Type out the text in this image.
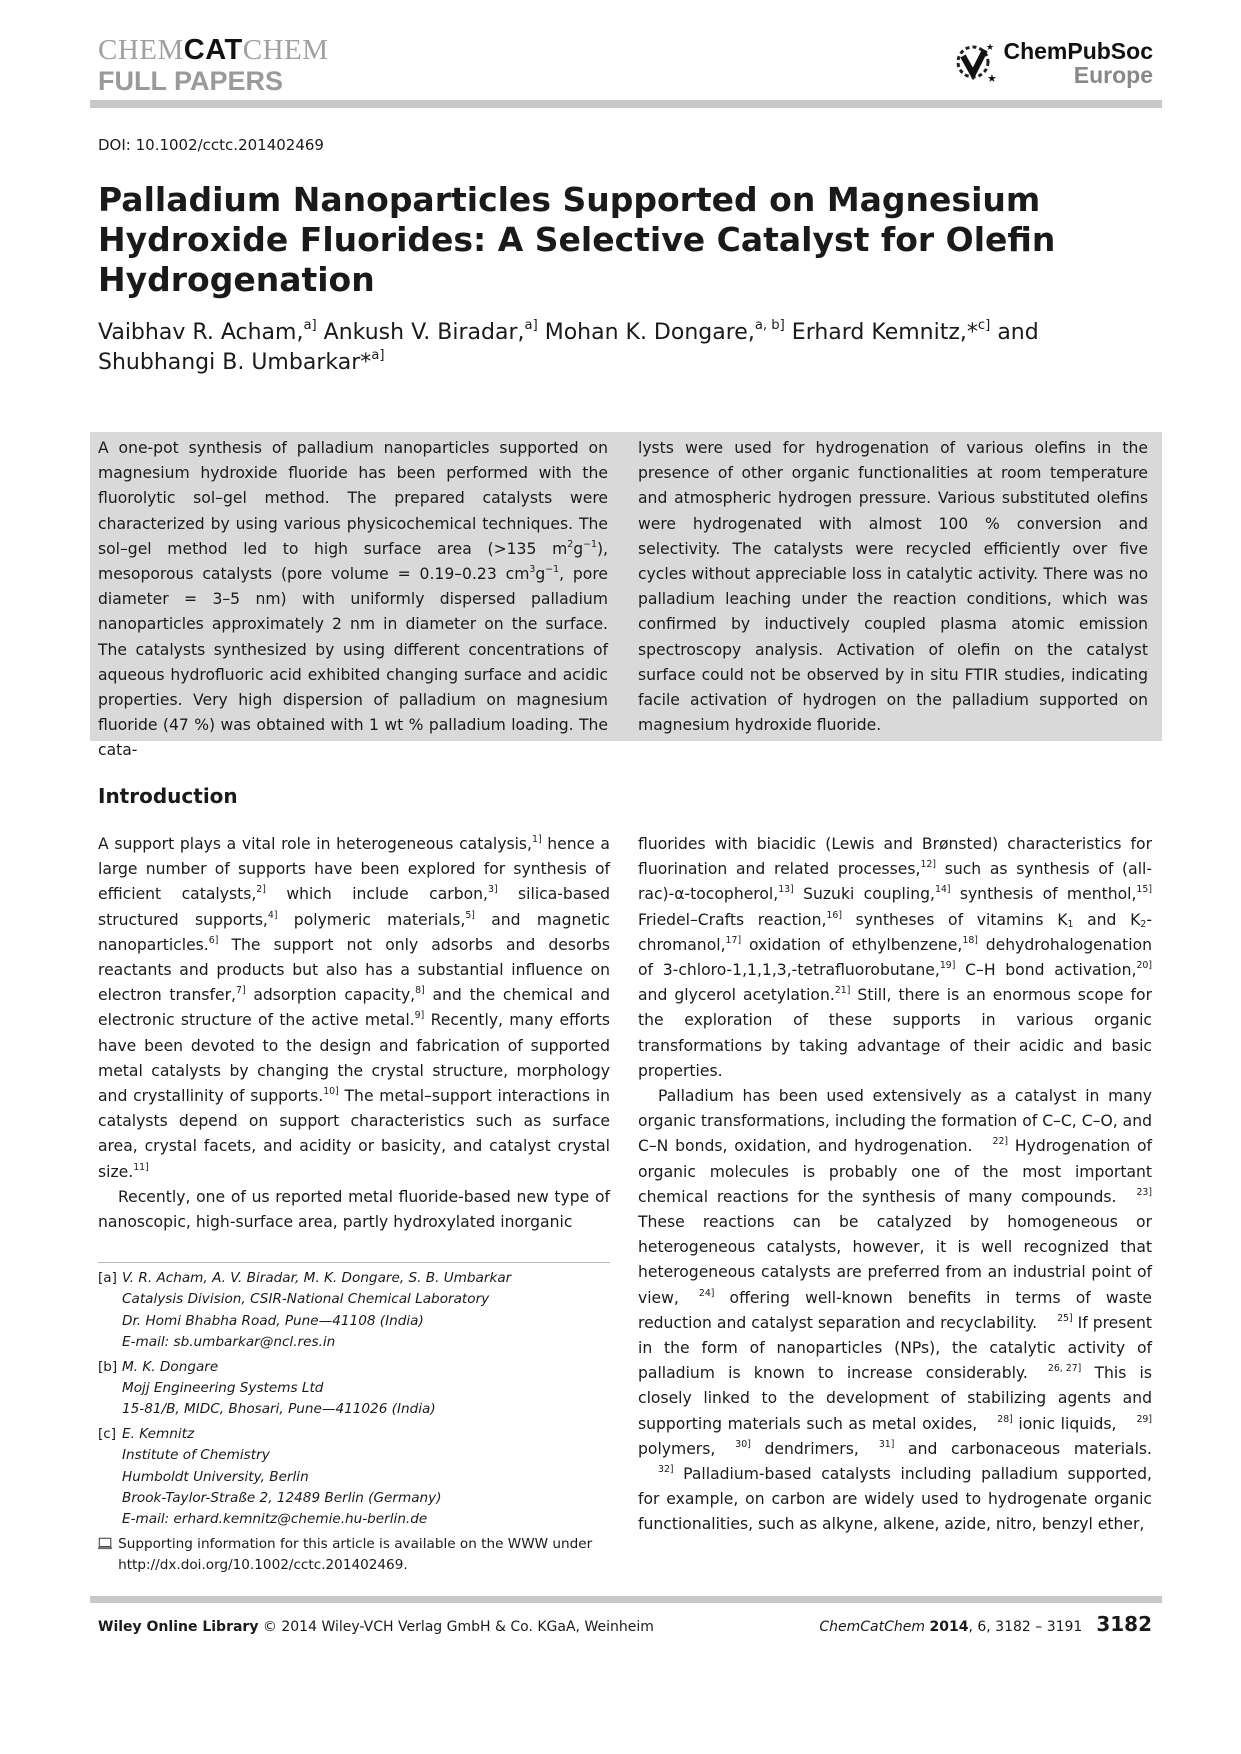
CHEMCATCHEM
FULL PAPERS	★
★ ChemPubSoc
Europe
DOI: 10.1002/cctc.201402469
Palladium Nanoparticles Supported on Magnesium Hydroxide Fluorides: A Selective Catalyst for Olefin Hydrogenation
Vaibhav R. Acham,$^{\^{}[a]}$ Ankush V. Biradar,$^{\^{}[a]}$ Mohan K. Dongare,$^{\^{}[a, b]}$ Erhard Kemnitz,*$^{\^{}[c]}$ and Shubhangi B. Umbarkar*$^{\^{}[a]}$
A one-pot synthesis of palladium nanoparticles supported on magnesium hydroxide fluoride has been performed with the fluorolytic sol–gel method. The prepared catalysts were characterized by using various physicochemical techniques. The sol–gel method led to high surface area (>135 $m^{\^{}2}g^{\^{}-1}$), mesoporous catalysts (pore volume = 0.19–0.23 $cm^{\^{}3}g^{\^{}-1}$, pore diameter = 3–5 nm) with uniformly dispersed palladium nanoparticles approximately 2 nm in diameter on the surface. The catalysts synthesized by using different concentrations of aqueous hydrofluoric acid exhibited changing surface and acidic properties. Very high dispersion of palladium on magnesium fluoride (47 %) was obtained with 1 wt % palladium loading. The cata-
lysts were used for hydrogenation of various olefins in the presence of other organic functionalities at room temperature and atmospheric hydrogen pressure. Various substituted olefins were hydrogenated with almost 100 % conversion and selectivity. The catalysts were recycled efficiently over five cycles without appreciable loss in catalytic activity. There was no palladium leaching under the reaction conditions, which was confirmed by inductively coupled plasma atomic emission spectroscopy analysis. Activation of olefin on the catalyst surface could not be observed by in situ FTIR studies, indicating facile activation of hydrogen on the palladium supported on magnesium hydroxide fluoride.
Introduction

A support plays a vital role in heterogeneous catalysis,$^{\^{}[1]}$ hence a large number of supports have been explored for synthesis of efficient catalysts,$^{\^{}[2]}$ which include carbon,$^{\^{}[3]}$ silica-based structured supports,$^{\^{}[4]}$ polymeric materials,$^{\^{}[5]}$ and magnetic nanoparticles.$^{\^{}[6]}$ The support not only adsorbs and desorbs reactants and products but also has a substantial influence on electron transfer,$^{\^{}[7]}$ adsorption capacity,$^{\^{}[8]}$ and the chemical and electronic structure of the active metal.$^{\^{}[9]}$ Recently, many efforts have been devoted to the design and fabrication of supported metal catalysts by changing the crystal structure, morphology and crystallinity of supports.$^{\^{}[10]}$ The metal–support interactions in catalysts depend on support characteristics such as surface area, crystal facets, and acidity or basicity, and catalyst crystal size.$^{\^{}[11]}$

Recently, one of us reported metal fluoride-based new type of nanoscopic, high-surface area, partly hydroxylated inorganic

fluorides with biacidic (Lewis and Brønsted) characteristics for fluorination and related processes,$^{\^{}[12]}$ such as synthesis of (all-rac)-α-tocopherol,$^{\^{}[13]}$ Suzuki coupling,$^{\^{}[14]}$ synthesis of menthol,$^{\^{}[15]}$ Friedel–Crafts reaction,$^{\^{}[16]}$ syntheses of vitamins $K_1$ and $K_2-chromanol,^{\^{}[17]}$ oxidation of ethylbenzene,$^{\^{}[18]}$ dehydrohalogenation of 3-chloro-1,1,1,3,-tetrafluorobutane,$^{\^{}[19]}$ C–H bond activation,$^{\^{}[20]}$ and glycerol acetylation.$^{\^{}[21]}$ Still, there is an enormous scope for the exploration of these supports in various organic transformations by taking advantage of their acidic and basic properties.

Palladium has been used extensively as a catalyst in many organic transformations, including the formation of C–C, C–O, and C–N bonds, oxidation, and hydrogenation.$^{\^{}[22]}$ Hydrogenation of organic molecules is probably one of the most important chemical reactions for the synthesis of many compounds.$^{\^{}[23]}$ These reactions can be catalyzed by homogeneous or heterogeneous catalysts, however, it is well recognized that heterogeneous catalysts are preferred from an industrial point of view,$^{\^{}[24]}$ offering well-known benefits in terms of waste reduction and catalyst separation and recyclability.$^{\^{}[25]}$ If present in the form of nanoparticles (NPs), the catalytic activity of palladium is known to increase considerably.$^{\^{}[26, 27]}$ This is closely linked to the development of stabilizing agents and supporting materials such as metal oxides,$^{\^{}[28]}$ ionic liquids,$^{\^{}[29]}$ polymers,$^{\^{}[30]}$ dendrimers,$^{\^{}[31]}$ and carbonaceous materials.$^{\^{}[32]}$ Palladium-based catalysts including palladium supported, for example, on carbon are widely used to hydrogenate organic functionalities, such as alkyne, alkene, azide, nitro, benzyl ether,

[a] V. R. Acham, A. V. Biradar, M. K. Dongare, S. B. Umbarkar
Catalysis Division, CSIR-National Chemical Laboratory
Dr. Homi Bhabha Road, Pune—41108 (India)
E-mail: sb.umbarkar@ncl.res.in
[b] M. K. Dongare
Mojj Engineering Systems Ltd
15-81/B, MIDC, Bhosari, Pune—411026 (India)
[c] E. Kemnitz
Institute of Chemistry
Humboldt University, Berlin
Brook-Taylor-Straße 2, 12489 Berlin (Germany)
E-mail: erhard.kemnitz@chemie.hu-berlin.de
Supporting information for this article is available on the WWW under http://dx.doi.org/10.1002/cctc.201402469.
Wiley Online Library © 2014 Wiley-VCH Verlag GmbH & Co. KGaA, Weinheim	ChemCatChem 2014, 6, 3182 – 3191 3182
